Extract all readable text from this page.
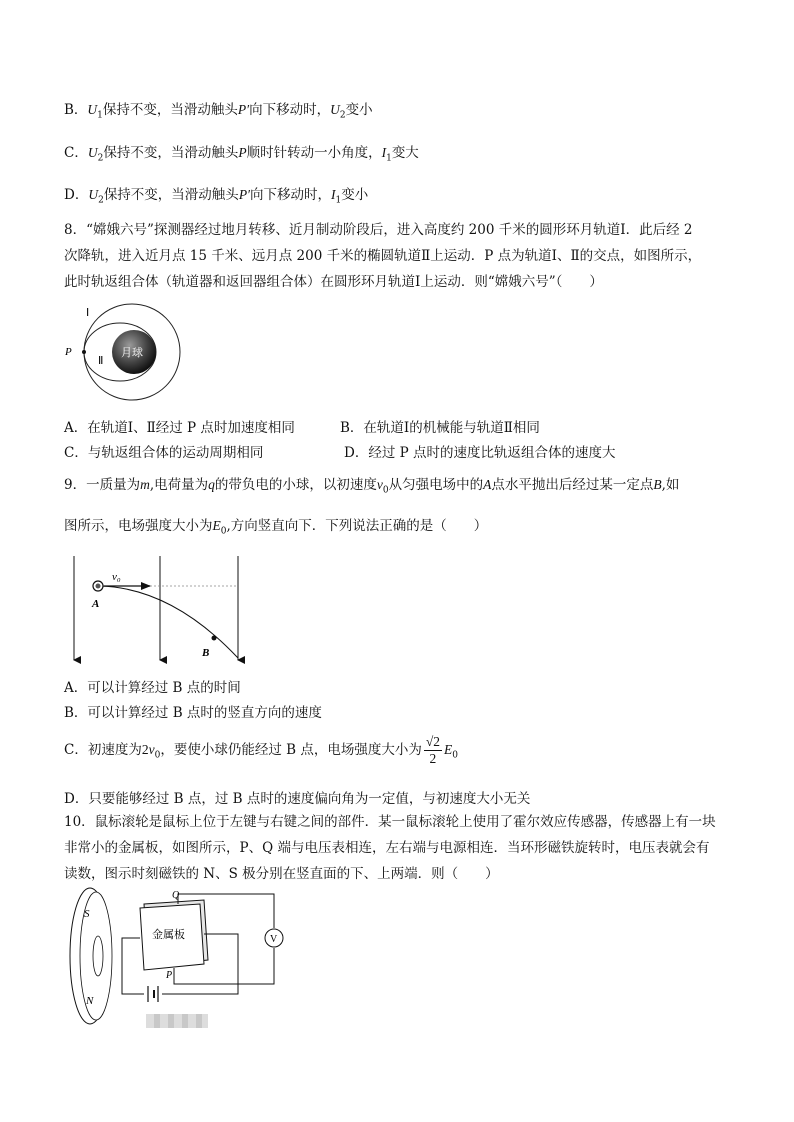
B．$U_1$保持不变，当滑动触头P′向下移动时，$U_2$变小
C．$U_2$保持不变，当滑动触头P顺时针转动一小角度，$I_1$变大
D．$U_2$保持不变，当滑动触头P′向下移动时，$I_1$变小
8．“嫦娥六号”探测器经过地月转移、近月制动阶段后，进入高度约 200 千米的圆形环月轨道Ⅰ．此后经 2
次降轨，进入近月点 15 千米、远月点 200 千米的椭圆轨道Ⅱ上运动．P 点为轨道Ⅰ、Ⅱ的交点，如图所示，
此时轨返组合体（轨道器和返回器组合体）在圆形环月轨道Ⅰ上运动．则“嫦娥六号”（　　）
Ⅰ
Ⅱ
P	月球
A．在轨道Ⅰ、Ⅱ经过 P 点时加速度相同	B．在轨道Ⅰ的机械能与轨道Ⅱ相同
C．与轨返组合体的运动周期相同	D．经过 P 点时的速度比轨返组合体的速度大
9．一质量为m,电荷量为q的带负电的小球，以初速度$v_0$从匀强电场中的A点水平抛出后经过某一定点B,如
图所示，电场强度大小为$E_0$,方向竖直向下．下列说法正确的是（　　）
v₀
A
B
A．可以计算经过 B 点的时间
B．可以计算经过 B 点时的竖直方向的速度
C．初速度为$2v_0$，要使小球仍能经过 B 点，电场强度大小为 $\frac{√2}{2} E_0$
D．只要能够经过 B 点，过 B 点时的速度偏向角为一定值，与初速度大小无关
10．鼠标滚轮是鼠标上位于左键与右键之间的部件．某一鼠标滚轮上使用了霍尔效应传感器，传感器上有一块
非常小的金属板，如图所示，P、Q 端与电压表相连，左右端与电源相连．当环形磁铁旋转时，电压表就会有
读数，图示时刻磁铁的 N、S 极分别在竖直面的下、上两端．则（　　）
S
N
金属板
Q
P
V
